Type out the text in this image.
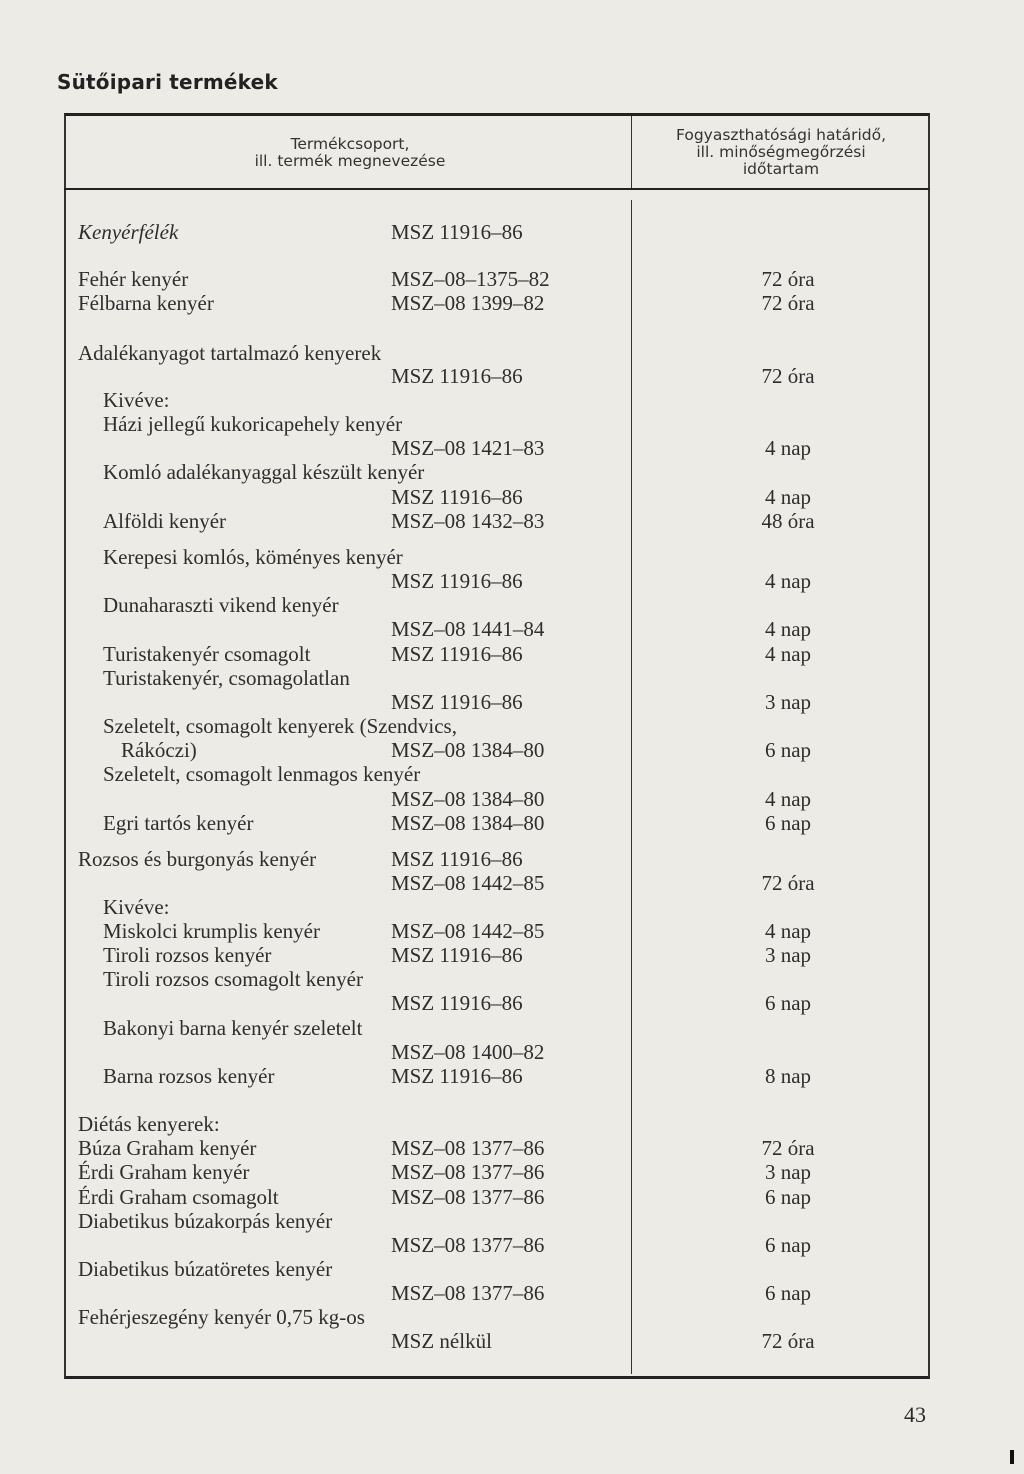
Sütőipari termékek
Termékcsoport,
ill. termék megnevezése
Fogyaszthatósági határidő,
ill. minőségmegőrzési
időtartam
Kenyérfélék	MSZ 11916–86
Fehér kenyér	MSZ–08–1375–82	72 óra
Félbarna kenyér	MSZ–08 1399–82	72 óra
Adalékanyagot tartalmazó kenyerek
MSZ 11916–86	72 óra
Kivéve:
Házi jellegű kukoricapehely kenyér
MSZ–08 1421–83	4 nap
Komló adalékanyaggal készült kenyér
MSZ 11916–86	4 nap
Alföldi kenyér	MSZ–08 1432–83	48 óra
Kerepesi komlós, köményes kenyér
MSZ 11916–86	4 nap
Dunaharaszti vikend kenyér
MSZ–08 1441–84	4 nap
Turistakenyér csomagolt	MSZ 11916–86	4 nap
Turistakenyér, csomagolatlan
MSZ 11916–86	3 nap
Szeletelt, csomagolt kenyerek (Szendvics,
Rákóczi)	MSZ–08 1384–80	6 nap
Szeletelt, csomagolt lenmagos kenyér
MSZ–08 1384–80	4 nap
Egri tartós kenyér	MSZ–08 1384–80	6 nap
Rozsos és burgonyás kenyér	MSZ 11916–86
MSZ–08 1442–85	72 óra
Kivéve:
Miskolci krumplis kenyér	MSZ–08 1442–85	4 nap
Tiroli rozsos kenyér	MSZ 11916–86	3 nap
Tiroli rozsos csomagolt kenyér
MSZ 11916–86	6 nap
Bakonyi barna kenyér szeletelt
MSZ–08 1400–82
Barna rozsos kenyér	MSZ 11916–86	8 nap
Diétás kenyerek:
Búza Graham kenyér	MSZ–08 1377–86	72 óra
Érdi Graham kenyér	MSZ–08 1377–86	3 nap
Érdi Graham csomagolt	MSZ–08 1377–86	6 nap
Diabetikus búzakorpás kenyér
MSZ–08 1377–86	6 nap
Diabetikus búzatöretes kenyér
MSZ–08 1377–86	6 nap
Fehérjeszegény kenyér 0,75 kg-os
MSZ nélkül	72 óra
43
